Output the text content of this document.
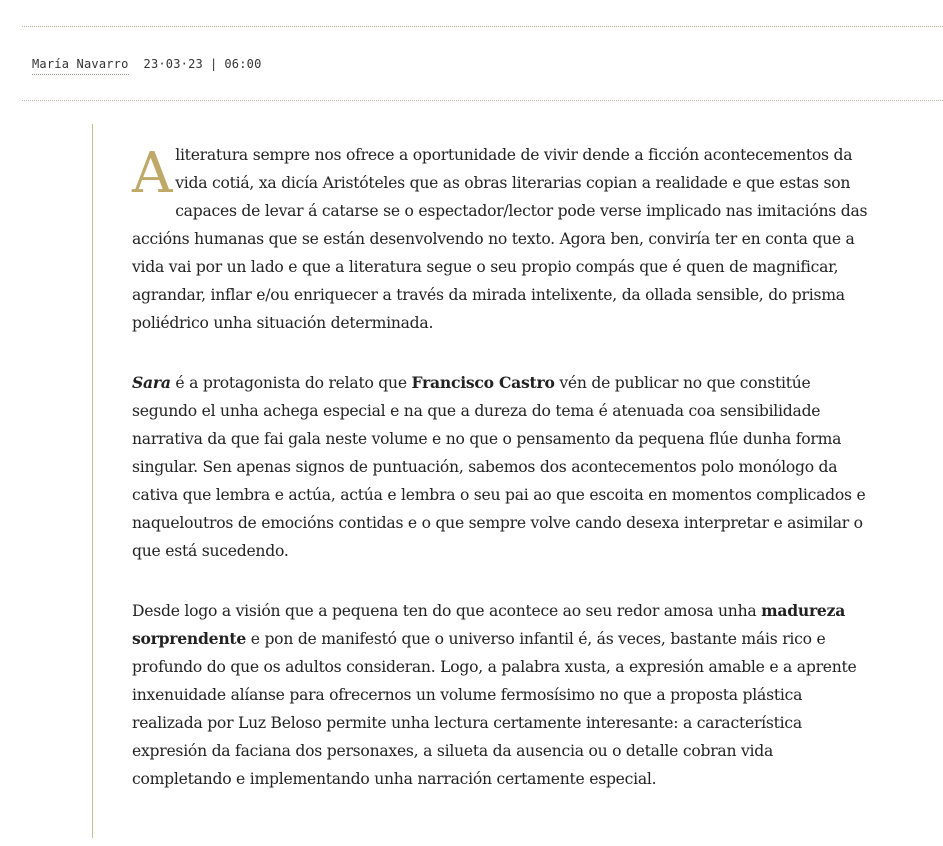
María Navarro 23·03·23 | 06:00

A literatura sempre nos ofrece a oportunidade de vivir dende a ficción acontecementos da vida cotiá, xa dicía Aristóteles que as obras literarias copian a realidade e que estas son capaces de levar á catarse se o espectador/lector pode verse implicado nas imitacións das accións humanas que se están desenvolvendo no texto. Agora ben, conviría ter en conta que a vida vai por un lado e que a literatura segue o seu propio compás que é quen de magnificar, agrandar, inflar e/ou enriquecer a través da mirada intelixente, da ollada sensible, do prisma poliédrico unha situación determinada.

Sara é a protagonista do relato que Francisco Castro vén de publicar no que constitúe segundo el unha achega especial e na que a dureza do tema é atenuada coa sensibilidade narrativa da que fai gala neste volume e no que o pensamento da pequena flúe dunha forma singular. Sen apenas signos de puntuación, sabemos dos acontecementos polo monólogo da cativa que lembra e actúa, actúa e lembra o seu pai ao que escoita en momentos complicados e naqueloutros de emocións contidas e o que sempre volve cando desexa interpretar e asimilar o que está sucedendo.

Desde logo a visión que a pequena ten do que acontece ao seu redor amosa unha madureza sorprendente e pon de manifestó que o universo infantil é, ás veces, bastante máis rico e profundo do que os adultos consideran. Logo, a palabra xusta, a expresión amable e a aprente inxenuidade alíanse para ofrecernos un volume fermosísimo no que a proposta plástica realizada por Luz Beloso permite unha lectura certamente interesante: a característica expresión da faciana dos personaxes, a silueta da ausencia ou o detalle cobran vida completando e implementando unha narración certamente especial.
